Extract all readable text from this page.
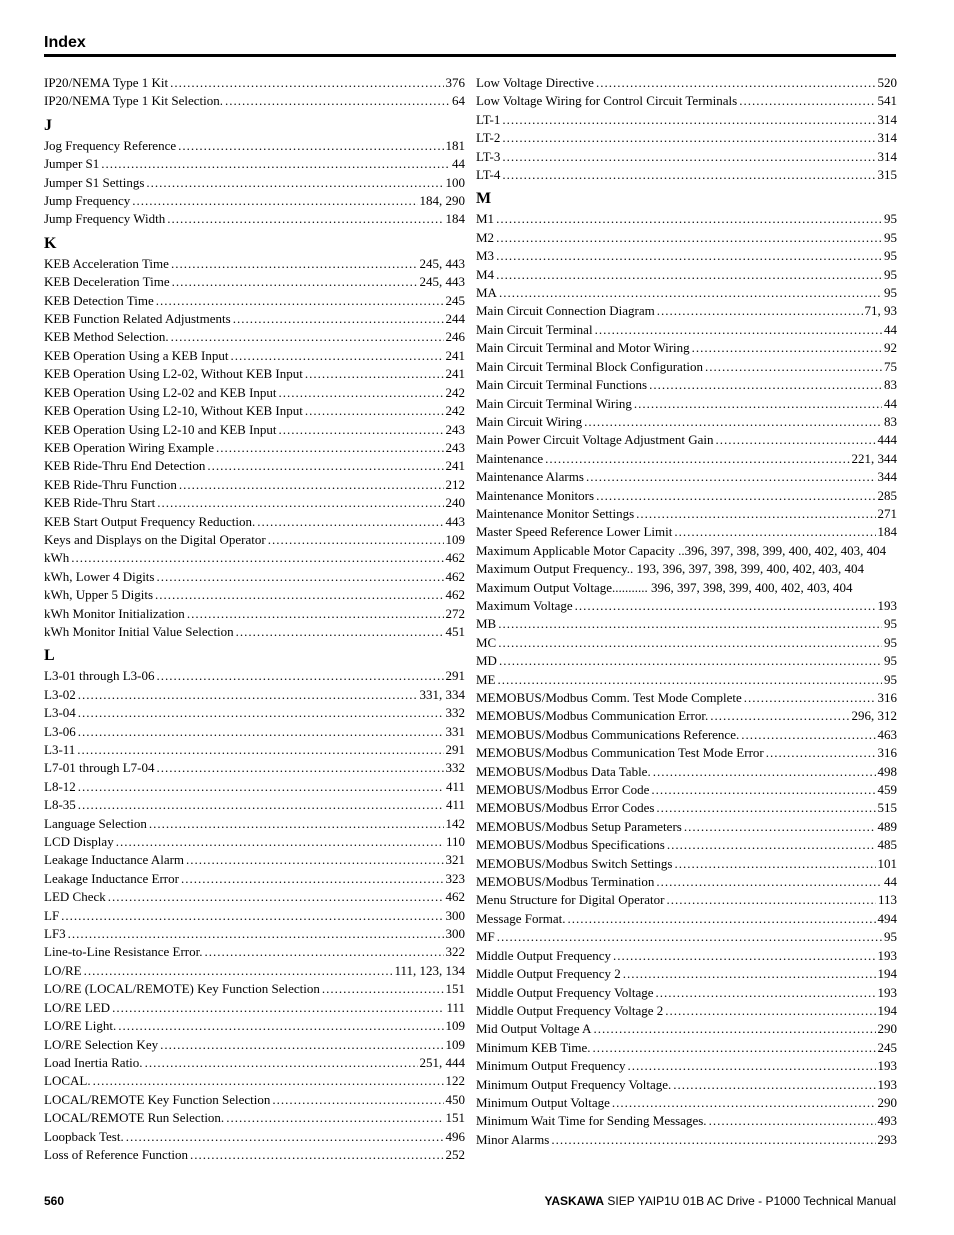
Index
IP20/NEMA Type 1 Kit .....	376
IP20/NEMA Type 1 Kit Selection. .....	64
J
Jog Frequency Reference .....	181
Jumper S1 .....	44
Jumper S1 Settings .....	100
Jump Frequency .....	184, 290
Jump Frequency Width .....	184
K
KEB Acceleration Time .....	245, 443
KEB Deceleration Time .....	245, 443
KEB Detection Time .....	245
KEB Function Related Adjustments .....	244
KEB Method Selection. .....	246
KEB Operation Using a KEB Input .....	241
KEB Operation Using L2-02, Without KEB Input .....	241
KEB Operation Using L2-02 and KEB Input .....	242
KEB Operation Using L2-10, Without KEB Input .....	242
KEB Operation Using L2-10 and KEB Input .....	243
KEB Operation Wiring Example .....	243
KEB Ride-Thru End Detection .....	241
KEB Ride-Thru Function .....	212
KEB Ride-Thru Start .....	240
KEB Start Output Frequency Reduction. .....	443
Keys and Displays on the Digital Operator .....	109
kWh .....	462
kWh, Lower 4 Digits .....	462
kWh, Upper 5 Digits .....	462
kWh Monitor Initialization .....	272
kWh Monitor Initial Value Selection .....	451
L
L3-01 through L3-06 .....	291
L3-02 .....	331, 334
L3-04 .....	332
L3-06 .....	331
L3-11 .....	291
L7-01 through L7-04 .....	332
L8-12 .....	411
L8-35 .....	411
Language Selection .....	142
LCD Display .....	110
Leakage Inductance Alarm .....	321
Leakage Inductance Error .....	323
LED Check .....	462
LF .....	300
LF3 .....	300
Line-to-Line Resistance Error. .....	322
LO/RE .....	111, 123, 134
LO/RE (LOCAL/REMOTE) Key Function Selection .....	151
LO/RE LED .....	111
LO/RE Light. .....	109
LO/RE Selection Key .....	109
Load Inertia Ratio. .....	251, 444
LOCAL. .....	122
LOCAL/REMOTE Key Function Selection .....	450
LOCAL/REMOTE Run Selection. .....	151
Loopback Test. .....	496
Loss of Reference Function .....	252
Low Voltage Directive .....	520
Low Voltage Wiring for Control Circuit Terminals .....	541
LT-1 .....	314
LT-2 .....	314
LT-3 .....	314
LT-4 .....	315
M
M1 .....	95
M2 .....	95
M3 .....	95
M4 .....	95
MA .....	95
Main Circuit Connection Diagram .....	71, 93
Main Circuit Terminal .....	44
Main Circuit Terminal and Motor Wiring .....	92
Main Circuit Terminal Block Configuration .....	75
Main Circuit Terminal Functions .....	83
Main Circuit Terminal Wiring .....	44
Main Circuit Wiring .....	83
Main Power Circuit Voltage Adjustment Gain .....	444
Maintenance .....	221, 344
Maintenance Alarms .....	344
Maintenance Monitors .....	285
Maintenance Monitor Settings .....	271
Master Speed Reference Lower Limit .....	184
Maximum Applicable Motor Capacity ..396, 397, 398, 399, 400, 402, 403, 404
Maximum Output Frequency.. 193, 396, 397, 398, 399, 400, 402, 403, 404
Maximum Output Voltage........... 396, 397, 398, 399, 400, 402, 403, 404
Maximum Voltage .....	193
MB .....	95
MC .....	95
MD .....	95
ME .....	95
MEMOBUS/Modbus Comm. Test Mode Complete .....	316
MEMOBUS/Modbus Communication Error. .....	296, 312
MEMOBUS/Modbus Communications Reference. .....	463
MEMOBUS/Modbus Communication Test Mode Error .....	316
MEMOBUS/Modbus Data Table. .....	498
MEMOBUS/Modbus Error Code .....	459
MEMOBUS/Modbus Error Codes .....	515
MEMOBUS/Modbus Setup Parameters .....	489
MEMOBUS/Modbus Specifications .....	485
MEMOBUS/Modbus Switch Settings .....	101
MEMOBUS/Modbus Termination .....	44
Menu Structure for Digital Operator .....	113
Message Format. .....	494
MF .....	95
Middle Output Frequency .....	193
Middle Output Frequency 2 .....	194
Middle Output Frequency Voltage .....	193
Middle Output Frequency Voltage 2 .....	194
Mid Output Voltage A .....	290
Minimum KEB Time. .....	245
Minimum Output Frequency .....	193
Minimum Output Frequency Voltage. .....	193
Minimum Output Voltage .....	290
Minimum Wait Time for Sending Messages. .....	493
Minor Alarms .....	293
560	YASKAWA SIEP YAIP1U 01B AC Drive - P1000 Technical Manual
